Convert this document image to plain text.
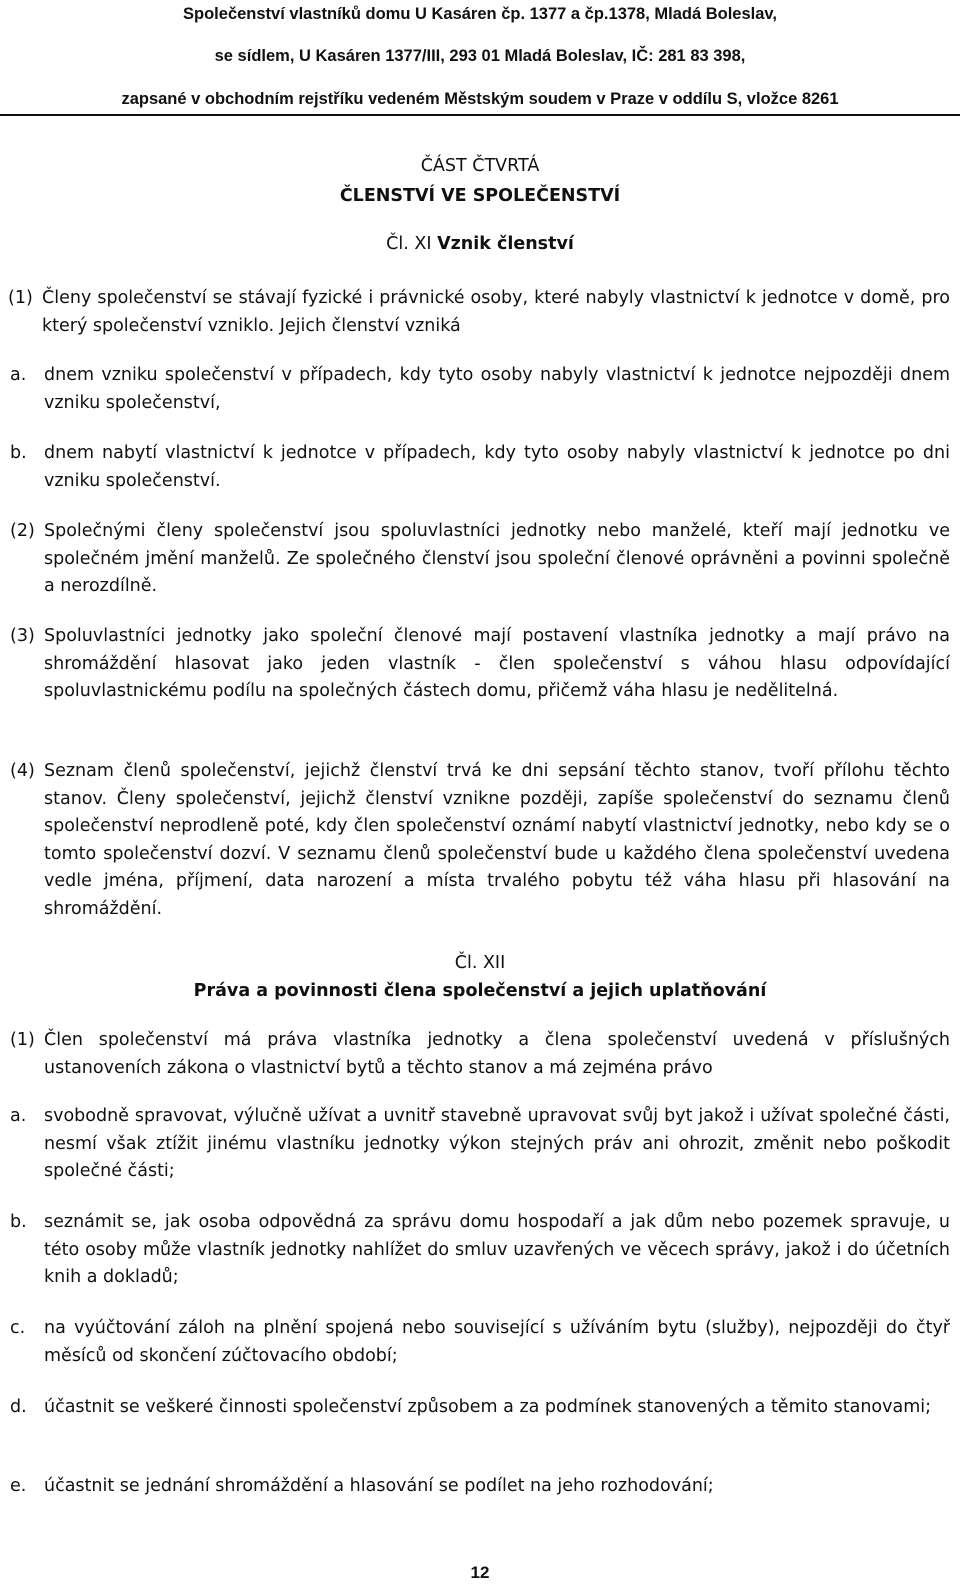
Společenství vlastníků domu U Kasáren čp. 1377 a čp.1378, Mladá Boleslav,
se sídlem, U Kasáren 1377/III, 293 01 Mladá Boleslav, IČ: 281 83 398,
zapsané v obchodním rejstříku vedeném Městským soudem v Praze v oddílu S, vložce 8261
ČÁST ČTVRTÁ
ČLENSTVÍ VE SPOLEČENSTVÍ
Čl. XI Vznik členství
(1) Členy společenství se stávají fyzické i právnické osoby, které nabyly vlastnictví k jednotce v domě, pro který společenství vzniklo. Jejich členství vzniká
a. dnem vzniku společenství v případech, kdy tyto osoby nabyly vlastnictví k jednotce nejpozději dnem vzniku společenství,
b. dnem nabytí vlastnictví k jednotce v případech, kdy tyto osoby nabyly vlastnictví k jednotce po dni vzniku společenství.
(2) Společnými členy společenství jsou spoluvlastníci jednotky nebo manželé, kteří mají jednotku ve společném jmění manželů. Ze společného členství jsou společní členové oprávněni a povinni společně a nerozdílně.
(3) Spoluvlastníci jednotky jako společní členové mají postavení vlastníka jednotky a mají právo na shromáždění hlasovat jako jeden vlastník - člen společenství s váhou hlasu odpovídající spoluvlastnickému podílu na společných částech domu, přičemž váha hlasu je nedělitelná.
(4) Seznam členů společenství, jejichž členství trvá ke dni sepsání těchto stanov, tvoří přílohu těchto stanov. Členy společenství, jejichž členství vznikne později, zapíše společenství do seznamu členů společenství neprodleně poté, kdy člen společenství oznámí nabytí vlastnictví jednotky, nebo kdy se o tomto společenství dozví. V seznamu členů společenství bude u každého člena společenství uvedena vedle jména, příjmení, data narození a místa trvalého pobytu též váha hlasu při hlasování na shromáždění.
Čl. XII
Práva a povinnosti člena společenství a jejich uplatňování
(1) Člen společenství má práva vlastníka jednotky a člena společenství uvedená v příslušných ustanoveních zákona o vlastnictví bytů a těchto stanov a má zejména právo
a. svobodně spravovat, výlučně užívat a uvnitř stavebně upravovat svůj byt jakož i užívat společné části, nesmí však ztížit jinému vlastníku jednotky výkon stejných práv ani ohrozit, změnit nebo poškodit společné části;
b. seznámit se, jak osoba odpovědná za správu domu hospodaří a jak dům nebo pozemek spravuje, u této osoby může vlastník jednotky nahlížet do smluv uzavřených ve věcech správy, jakož i do účetních knih a dokladů;
c. na vyúčtování záloh na plnění spojená nebo související s užíváním bytu (služby), nejpozději do čtyř měsíců od skončení zúčtovacího období;
d. účastnit se veškeré činnosti společenství způsobem a za podmínek stanovených a těmito stanovami;
e. účastnit se jednání shromáždění a hlasování se podílet na jeho rozhodování;
12
